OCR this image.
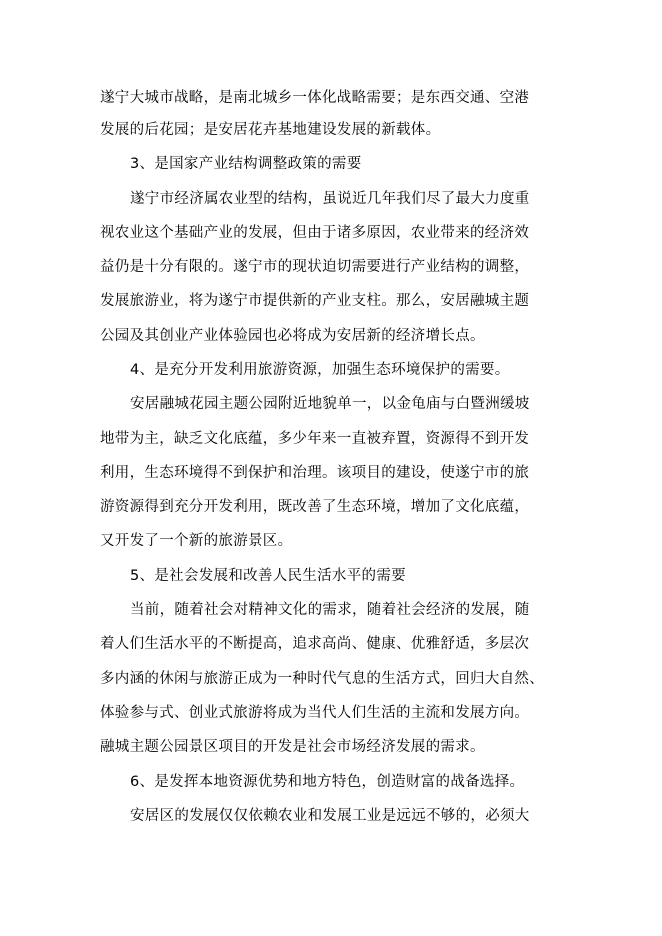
遂宁大城市战略，是南北城乡一体化战略需要；是东西交通、空港
发展的后花园；是安居花卉基地建设发展的新载体。
3、是国家产业结构调整政策的需要
遂宁市经济属农业型的结构，虽说近几年我们尽了最大力度重
视农业这个基础产业的发展，但由于诸多原因，农业带来的经济效
益仍是十分有限的。遂宁市的现状迫切需要进行产业结构的调整，
发展旅游业，将为遂宁市提供新的产业支柱。那么，安居融城主题
公园及其创业产业体验园也必将成为安居新的经济增长点。
4、是充分开发利用旅游资源，加强生态环境保护的需要。
安居融城花园主题公园附近地貌单一，以金龟庙与白暨洲缓坡
地带为主，缺乏文化底蕴，多少年来一直被弃置，资源得不到开发
利用，生态环境得不到保护和治理。该项目的建设，使遂宁市的旅
游资源得到充分开发利用，既改善了生态环境，增加了文化底蕴，
又开发了一个新的旅游景区。
5、是社会发展和改善人民生活水平的需要
当前，随着社会对精神文化的需求，随着社会经济的发展，随
着人们生活水平的不断提高，追求高尚、健康、优雅舒适，多层次
多内涵的休闲与旅游正成为一种时代气息的生活方式，回归大自然、
体验参与式、创业式旅游将成为当代人们生活的主流和发展方向。
融城主题公园景区项目的开发是社会市场经济发展的需求。
6、是发挥本地资源优势和地方特色，创造财富的战备选择。
安居区的发展仅仅依赖农业和发展工业是远远不够的，必须大
